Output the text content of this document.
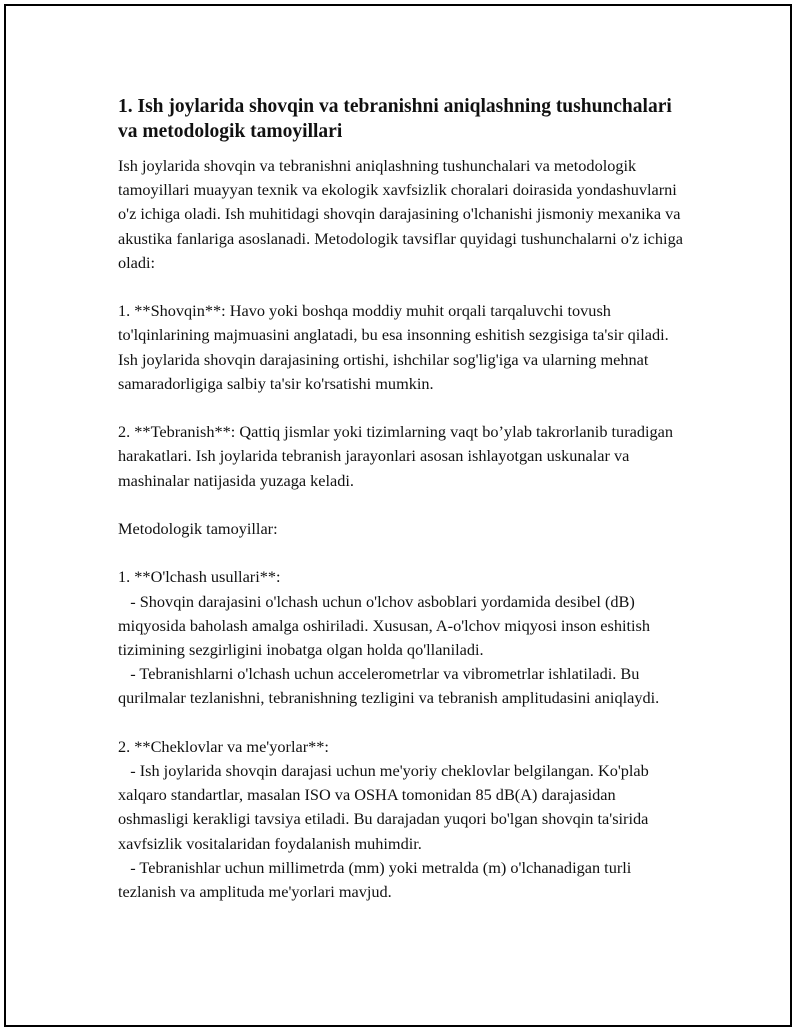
1. Ish joylarida shovqin va tebranishni aniqlashning tushunchalari va metodologik tamoyillari

Ish joylarida shovqin va tebranishni aniqlashning tushunchalari va metodologik tamoyillari muayyan texnik va ekologik xavfsizlik choralari doirasida yondashuvlarni o'z ichiga oladi. Ish muhitidagi shovqin darajasining o'lchanishi jismoniy mexanika va akustika fanlariga asoslanadi. Metodologik tavsiflar quyidagi tushunchalarni o'z ichiga oladi:

1. **Shovqin**: Havo yoki boshqa moddiy muhit orqali tarqaluvchi tovush to'lqinlarining majmuasini anglatadi, bu esa insonning eshitish sezgisiga ta'sir qiladi. Ish joylarida shovqin darajasining ortishi, ishchilar sog'lig'iga va ularning mehnat samaradorligiga salbiy ta'sir ko'rsatishi mumkin.

2. **Tebranish**: Qattiq jismlar yoki tizimlarning vaqt bo’ylab takrorlanib turadigan harakatlari. Ish joylarida tebranish jarayonlari asosan ishlayotgan uskunalar va mashinalar natijasida yuzaga keladi.

Metodologik tamoyillar:

1. **O'lchash usullari**:
- Shovqin darajasini o'lchash uchun o'lchov asboblari yordamida desibel (dB) miqyosida baholash amalga oshiriladi. Xususan, A-o'lchov miqyosi inson eshitish tizimining sezgirligini inobatga olgan holda qo'llaniladi.
- Tebranishlarni o'lchash uchun accelerometrlar va vibrometrlar ishlatiladi. Bu qurilmalar tezlanishni, tebranishning tezligini va tebranish amplitudasini aniqlaydi.

2. **Cheklovlar va me'yorlar**:
- Ish joylarida shovqin darajasi uchun me'yoriy cheklovlar belgilangan. Ko'plab xalqaro standartlar, masalan ISO va OSHA tomonidan 85 dB(A) darajasidan oshmasligi kerakligi tavsiya etiladi. Bu darajadan yuqori bo'lgan shovqin ta'sirida xavfsizlik vositalaridan foydalanish muhimdir.
- Tebranishlar uchun millimetrda (mm) yoki metralda (m) o'lchanadigan turli tezlanish va amplituda me'yorlari mavjud.
